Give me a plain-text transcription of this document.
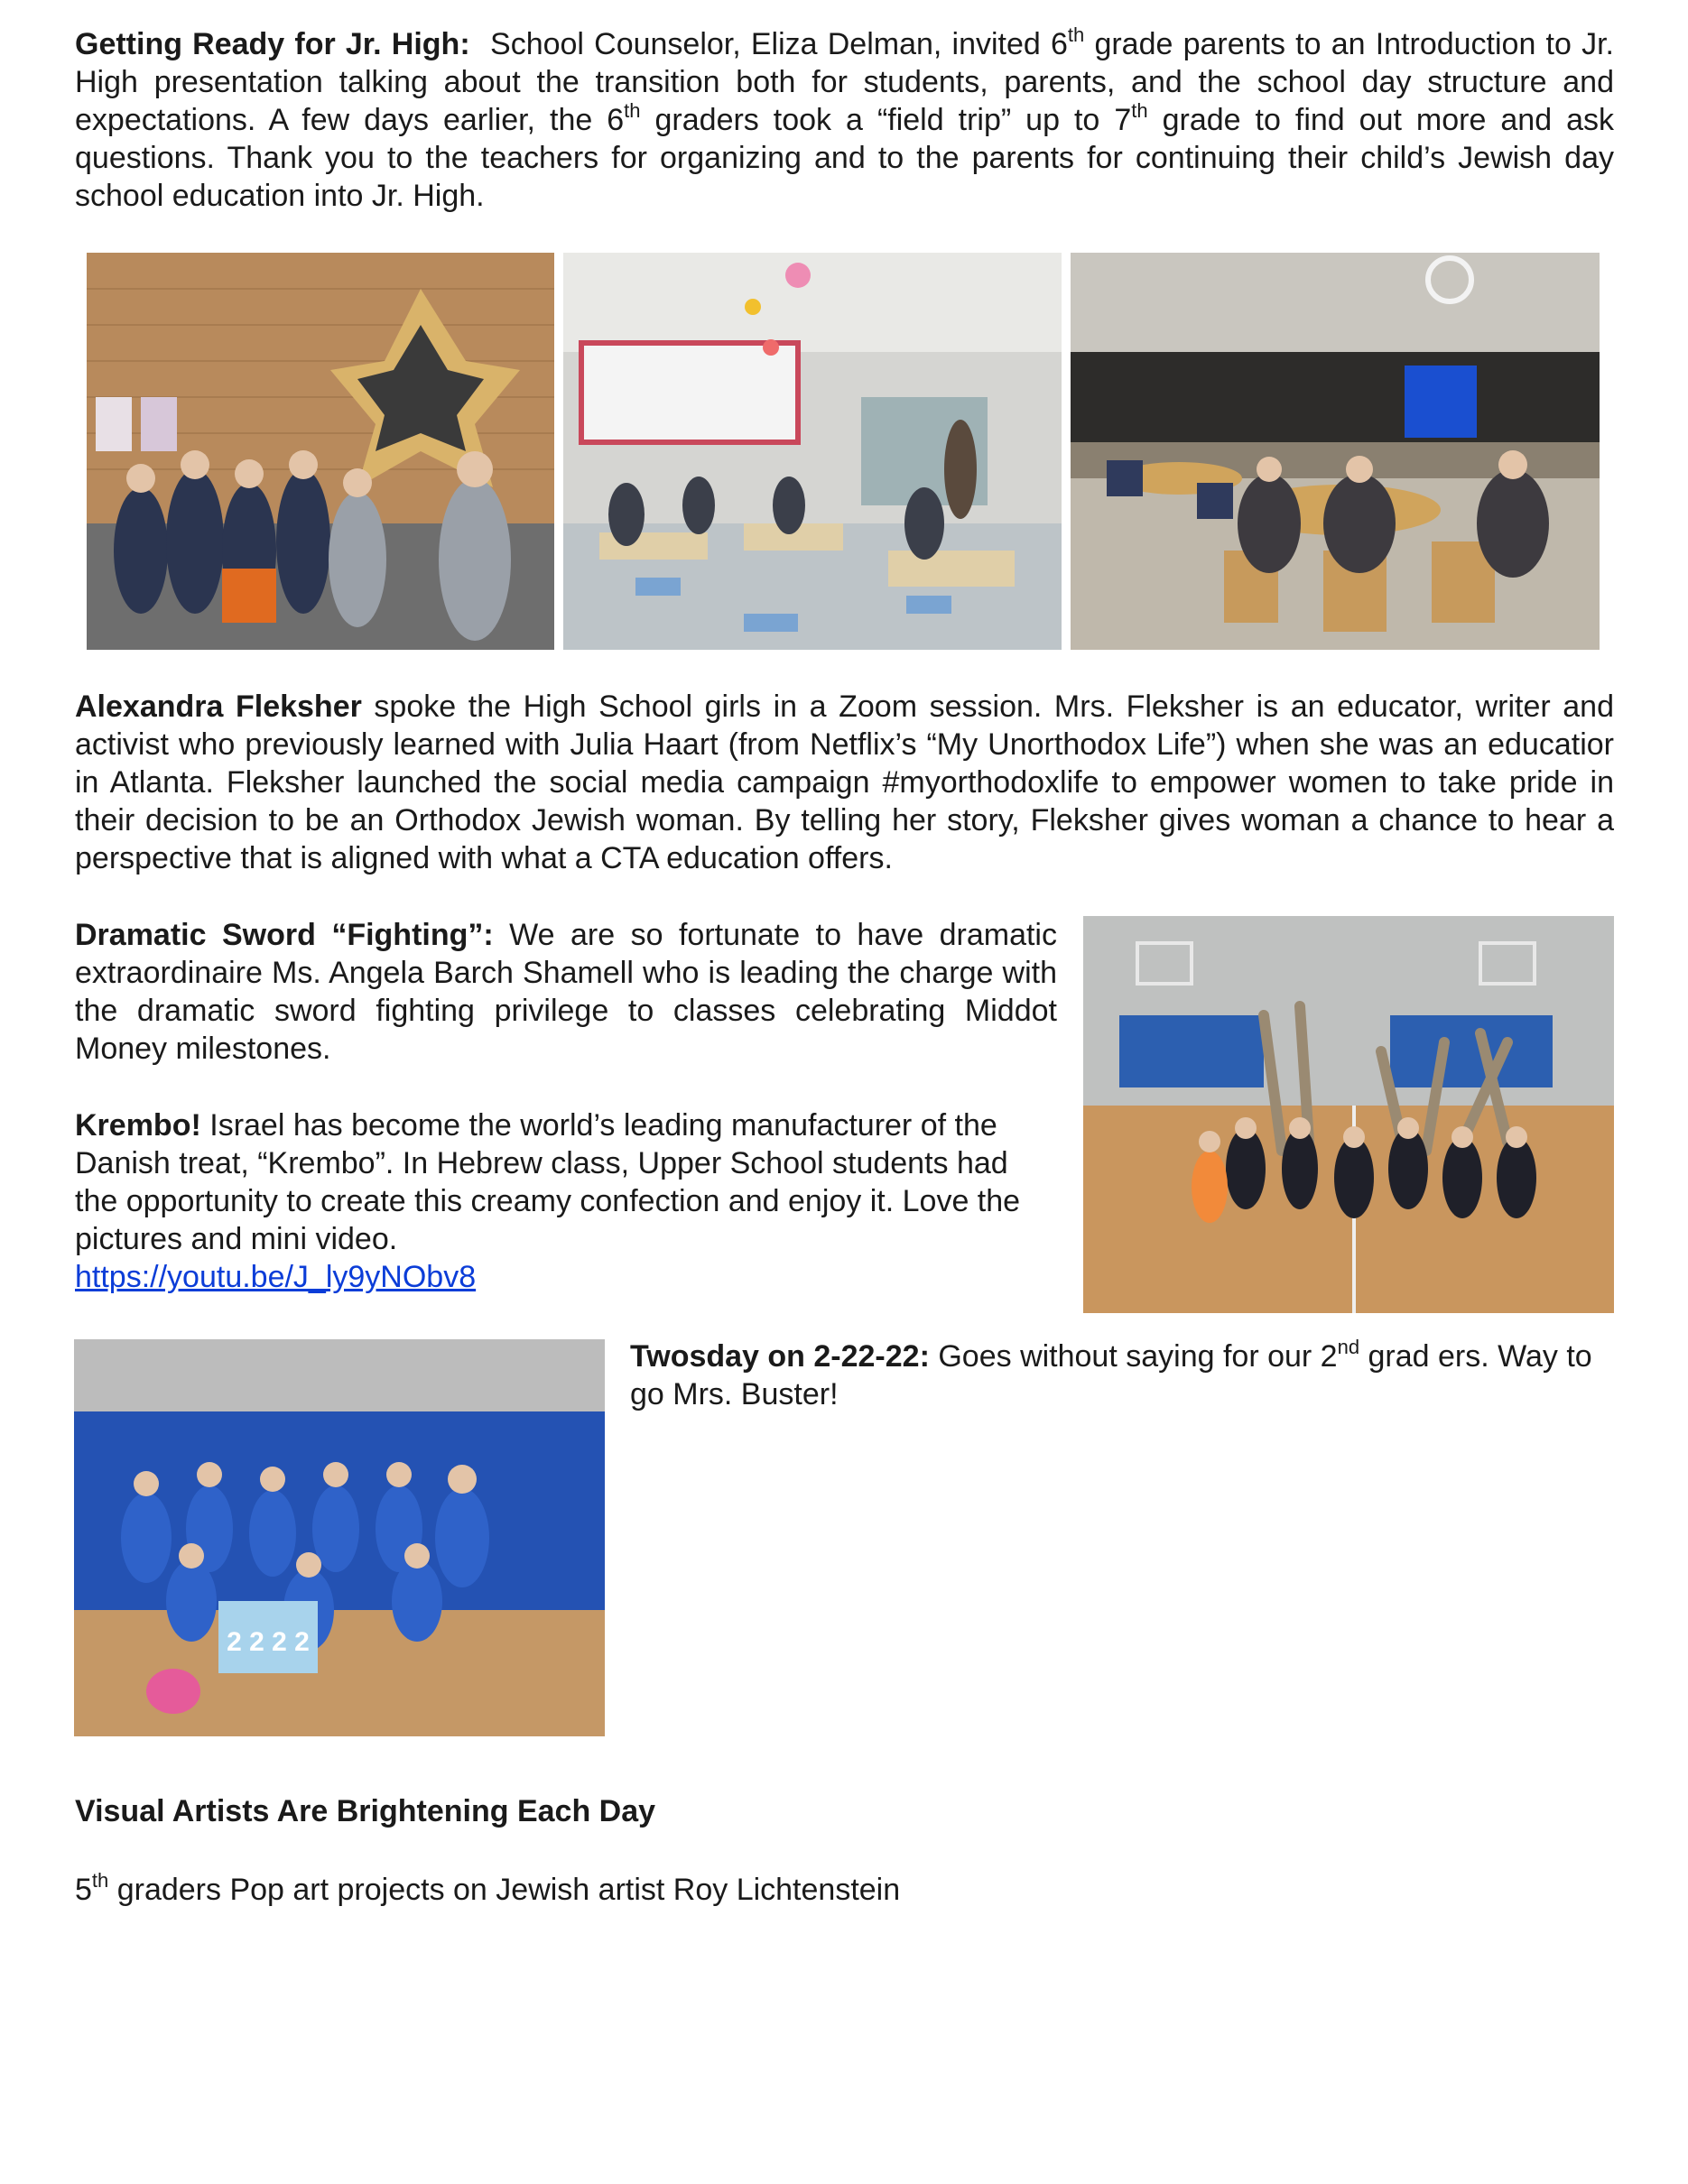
Getting Ready for Jr. High: School Counselor, Eliza Delman, invited 6th grade parents to an Introduction to Jr. High presentation talking about the transition both for students, parents, and the school day structure and expectations. A few days earlier, the 6th graders took a “field trip” up to 7th grade to find out more and ask questions. Thank you to the teachers for organizing and to the parents for continuing their child’s Jewish day school education into Jr. High.

Alexandra Fleksher spoke the High School girls in a Zoom session. Mrs. Fleksher is an educator, writer and activist who previously learned with Julia Haart (from Netflix’s “My Unorthodox Life”) when she was an educatior in Atlanta. Fleksher launched the social media campaign #myorthodoxlife to empower women to take pride in their decision to be an Orthodox Jewish woman. By telling her story, Fleksher gives woman a chance to hear a perspective that is aligned with what a CTA education offers.

Dramatic Sword “Fighting”: We are so fortunate to have dramatic extraordinaire Ms. Angela Barch Shamell who is leading the charge with the dramatic sword fighting privilege to classes celebrating Middot Money milestones.

Krembo! Israel has become the world’s leading manufacturer of the Danish treat, “Krembo”. In Hebrew class, Upper School students had the opportunity to create this creamy confection and enjoy it. Love the pictures and mini video.
https://youtu.be/J_ly9yNObv8

2 2 2 2

Twosday on 2-22-22: Goes without saying for our 2nd grad ers. Way to go Mrs. Buster!

Visual Artists Are Brightening Each Day

5th graders Pop art projects on Jewish artist Roy Lichtenstein
